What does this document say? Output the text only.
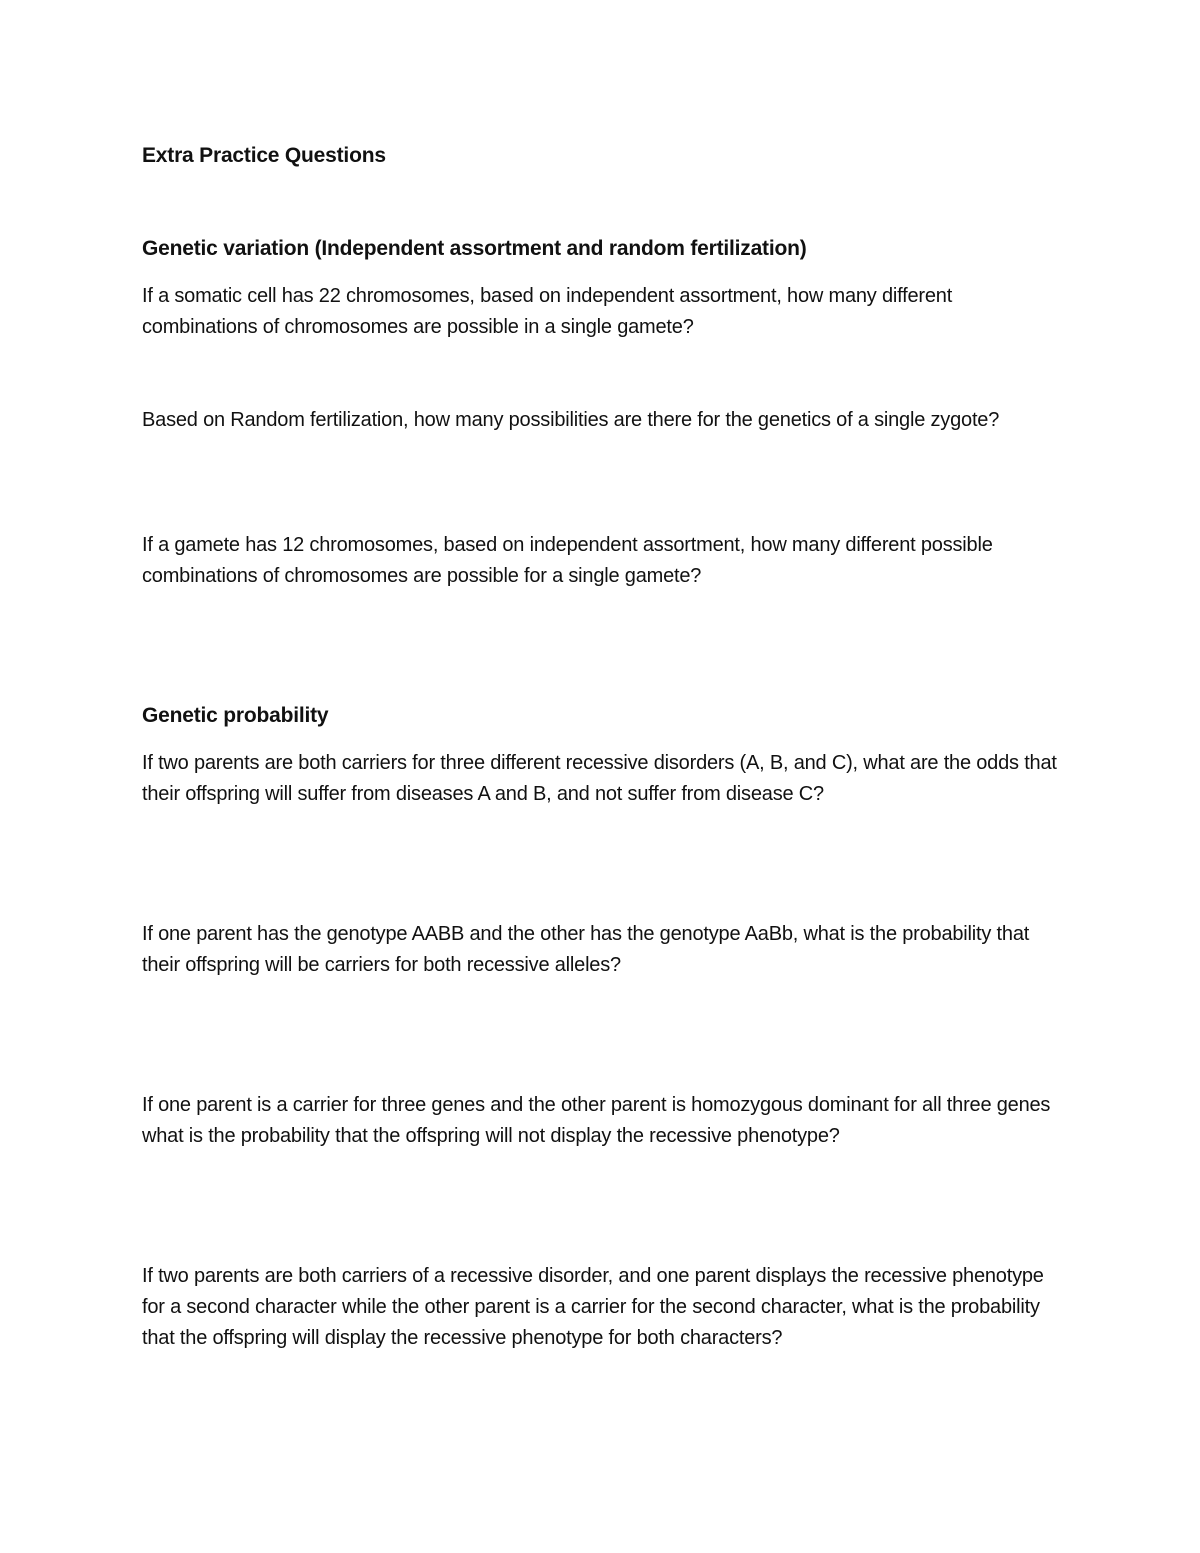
Extra Practice Questions

Genetic variation (Independent assortment and random fertilization)

If a somatic cell has 22 chromosomes, based on independent assortment, how many different combinations of chromosomes are possible in a single gamete?

Based on Random fertilization, how many possibilities are there for the genetics of a single zygote?

If a gamete has 12 chromosomes, based on independent assortment, how many different possible combinations of chromosomes are possible for a single gamete?

Genetic probability

If two parents are both carriers for three different recessive disorders (A, B, and C), what are the odds that their offspring will suffer from diseases A and B, and not suffer from disease C?

If one parent has the genotype AABB and the other has the genotype AaBb, what is the probability that their offspring will be carriers for both recessive alleles?

If one parent is a carrier for three genes and the other parent is homozygous dominant for all three genes what is the probability that the offspring will not display the recessive phenotype?

If two parents are both carriers of a recessive disorder, and one parent displays the recessive phenotype for a second character while the other parent is a carrier for the second character, what is the probability that the offspring will display the recessive phenotype for both characters?
